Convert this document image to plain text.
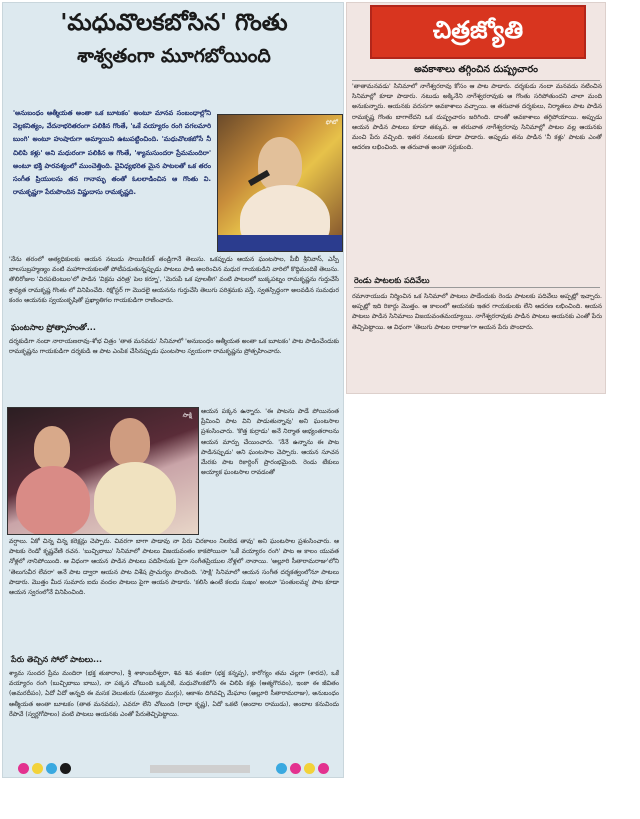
'మధువొలకబోసిన' గొంతు
శాశ్వతంగా మూగబోయింది
'అనుబంధం ఆత్మీయత అంతా ఒక బూటకం' అంటూ మానవ సంబంధాల్లోని వెల్లకనిత్యం, వేదనాభరితరంగా పలికిన గొంతే, 'ఒకే వయ్యారం రంగి వగలమారి బుంగి' అంటూ హుషారుగా అమ్మాయిని ఉటుపట్టించింది. 'మధువొలకబోసే నీ చిలిపి కళ్లు' అని మధురంగా పలికిన ఆ గొంతే, 'శ్యామసుందరా ప్రేమమందిరా' అంటూ భక్తి పారవశ్యంలో ముంచెత్తింది. వైవిధ్యభరిత మైన పాటలతో ఒక తరం సంగీత ప్రియులను తన గానామృ తంతో ఓలలాడించిన ఆ గొంతు వి. రామకృష్ణగా పేరుపొందిన విష్ణుదాసు రామకృష్ణది.
ఫోటో
'నేను తరంలో అత్యధికులకు ఆయన నటుడు సాయికిరణ్ తండ్రిగానే తెలుసు. ఒకప్పుడు ఆయన ఘంటసాల, పీబీ శ్రీనివాస్, ఎస్పీ బాలసుబ్రహ్మణ్యం వంటి మహాగాయకులతో పోటీపడుతున్నప్పుడు పాటలు పాడి అలరించిన మధుర గాయకుడిని వారిలో కొద్దిమందికే తెలుసు. తొలిరోజుల 'చిరపటెంటుల'లో పాడిన 'విక్రమ చరిత్ర' పెల కర్నూ', 'మెరుపే ఒక పూలతీగ' వంటి పాటలలో బుక్కపట్నం రామకృష్ణను గుర్తుచేసే శ్రావ్యత రామకృష్ణ గొంతు లో వినిపించేది. రిక్షోస్టర్ గా మొదలై ఆయనను గుర్తుచేసి తెలుగు పరిశ్రమకు వస్తే, స్వతస్సిద్ధంగా అలవడిన సుమధుర కంఠం ఆయనకు స్వయంకృషితో ప్రఖ్యాతిగల గాయకుడిగా రాణించారు.
ఘంటసాల ప్రోత్సాహంతో...
దర్శకుడిగా నందా నారాయణరావు-శోభ చిత్రం 'తాత మనవడు' సినిమాలో 'అనుబంధం ఆత్మీయత అంతా ఒక బూటకం' పాట పాడించేందుకు రామకృష్ణను గాయకుడిగా దర్శకుడి ఆ పాట ఎంపిక చేసినప్పుడు ఘంటసాల స్వయంగా రామకృష్ణను ప్రోత్సహించారు.
సాక్షి
ఆయన పక్కన ఉన్నారు. 'ఈ పాటను పాడే పోయినంత ప్రేమించి పాట విని పాడుతున్నావు' అని ఘంటసాల ప్రశంసించారు. 'కొత్త కుర్రాడు' అనే నిర్మాత అభ్యంతరాలను ఆయన మార్పు చేయించారు. 'నేనే ఉన్నాను ఈ పాట పాడినప్పుడు' అని ఘంటసాల చెప్పారు. ఆయన సూచన మేరకు పాట రికార్డింగ్ ప్రారంభమైంది. రెండు టేకులు అయ్యాక ఘంటసాల రావడంతో
వర్షాలు. ఏకో చిన్న చిన్న కరెక్షన్లు చెప్పారు. చివరగా బాగా పాడావు నా పేరు చిరకాలం నిలబెడ తావు' అని ఘంటసాల ప్రశంసించారు. ఆ పాటకు రెండో కృష్ణవేణి రచన. 'బుచ్చిబాబు' సినిమాలో పాటలు విజయవంతం కాకపోయినా 'ఒకే వయ్యారం రంగి' పాట ఆ కాలం యువత నోళ్లలో నానిపోయింది. ఆ విధంగా ఆయన పాడిన పాటలు పదిహేనుకు పైగా సంగీతప్రియుల నోళ్లలో నానాయి. 'అల్లూరి సీతారామరాజు'లోని 'తెలుగువీర లేవరా' అనే పాట ద్వారా ఆయన పాట విశేష ప్రాచుర్యం పొందింది. 'సాక్షి' సినిమాలో ఆయన సంగీత దర్శకత్వంలోనూ పాటలు పాడారు. మొత్తం మీద సుమారు ఐదు వందల పాటలు పైగా ఆయన పాడారు. 'కలిసి ఉంటే కలదు సుఖం' అంటూ 'పంతులమ్మ' పాట కూడా ఆయన స్వరంలోనే వినిపించింది.
పేరు తెచ్చిన సోలో పాటలు...
శ్యామ సుందర ప్రేమ మందిరా (భక్త తుకారాం), శ్రీ శాకాంబరీశ్వరా, శివ శివ శంకరా (భక్త కన్నప్ప), కారోగ్యం తమ చల్లగా (శారద), ఒకే వయ్యారం రంగి (బుచ్చిబాబు బాబు), నా పక్కన చోటుంది ఒక్కరికే, మధువొలకబోసే ఈ చిలిపి కళ్లు (ఆత్మగౌరవం), ఇంకా ఈ జీవితం (అమరదీపం), ఏదో ఏదో అన్నది ఈ మసక వెలుతురు (ముత్యాల ముగ్గు), ఆకాశం దిగివచ్చి మేఘాల (అల్లూరి సీతారామరాజు), అనుబంధం ఆత్మీయత అంతా బూటకం (తాత మనవడు), ఎవరూ లేని చోటుంది (రాధా కృష్ణ), ఏదో ఒకటి (అందాల రాముడు), అందాల కనువిందు రేపావే (స్వర్ణగోపాలం) వంటి పాటలు ఆయనకు ఎంతో పేరుతెచ్చిపెట్టాయి.
చిత్రజ్యోతి
అవకాశాలు తగ్గించిన దుష్ప్రచారం
'తాతామనవడు' సినిమాలో నాగేశ్వరరావు కోసం ఆ పాట పాడారు. దర్శకుడు నందా మనవడు నటించిన సినిమాల్లో కూడా పాడారు. నటుడు అక్కినేని నాగేశ్వరరావుకు ఆ గొంతు సరిపోతుందని చాలా మంది అనుకున్నారు. ఆయనకు వరుసగా అవకాశాలు వచ్చాయి. ఆ తరువాత దర్శకులు, నిర్మాతలు పాట పాడిన రామకృష్ణ గొంతు బాగాలేదని ఒక దుష్ప్రచారం జరిగింది. దాంతో అవకాశాలు తగ్గిపోయాయి. అప్పుడు ఆయన పాడిన పాటలు కూడా తక్కువ. ఆ తరువాత నాగేశ్వరరావు సినిమాల్లో పాటల వల్ల ఆయనకు మంచి పేరు వచ్చింది. ఇతర నటులకు కూడా పాడారు. అప్పుడు తను పాడిన 'నీ కళ్లు' పాటకు ఎంతో ఆదరణ లభించింది. ఆ తరువాత అంతా సర్దుకుంది.
రెండు పాటలకు పదివేలు
రమానాయుడు నిర్మించిన ఒక సినిమాలో పాటలు పాడేందుకు రెండు పాటలకు పదివేలు అప్పట్లో ఇచ్చారు. అప్పట్లో ఇది రికార్డు మొత్తం. ఆ కాలంలో ఆయనకు ఇతర గాయకులకు లేని ఆదరణ లభించింది. ఆయన పాటలు పాడిన సినిమాలు విజయవంతమయ్యాయి. నాగేశ్వరరావుకు పాడిన పాటలు ఆయనకు ఎంతో పేరు తెచ్చిపెట్టాయి. ఆ విధంగా 'తెలుగు పాటల రారాజు'గా ఆయన పేరు పొందారు.
